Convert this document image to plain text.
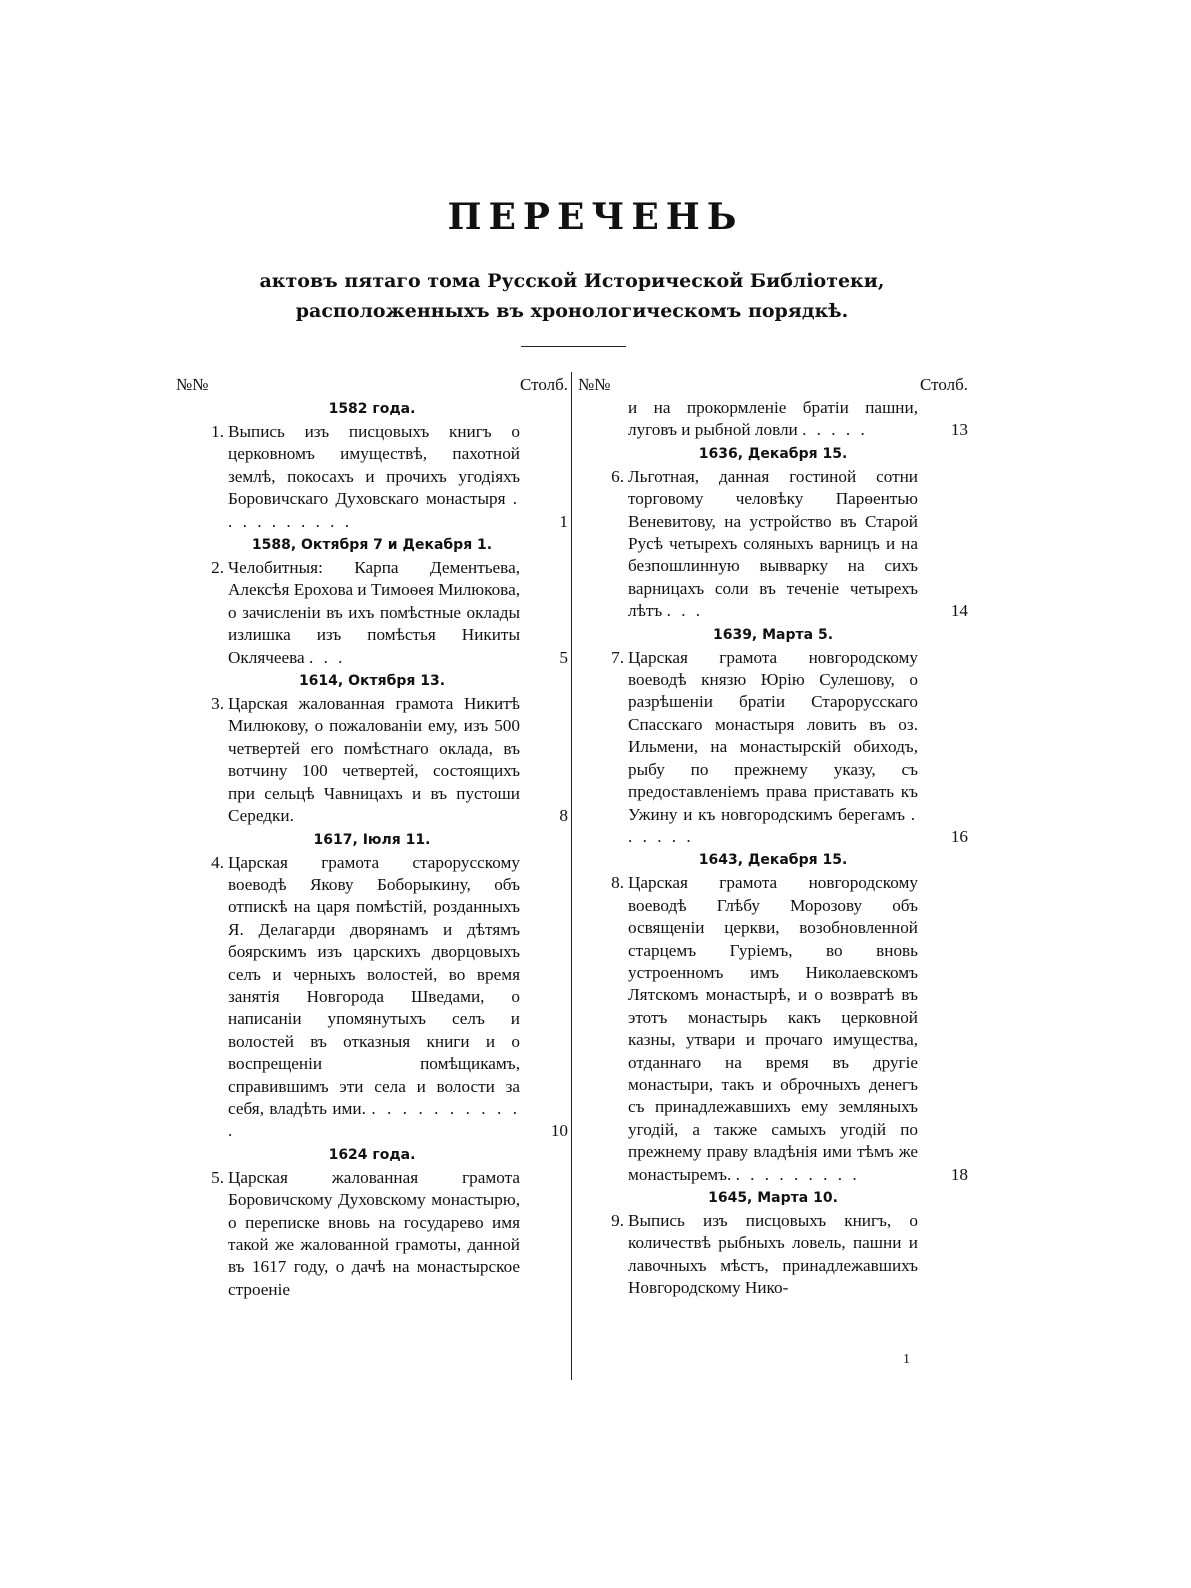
ПЕРЕЧЕНЬ

актовъ пятаго тома Русской Исторической Библіотеки, расположенныхъ въ хронологическомъ порядкѣ.

№№	Столб.
1582 года.
1. Выпись изъ писцовыхъ книгъ о церковномъ имуществѣ, пахотной землѣ, покосахъ и прочихъ угодіяхъ Боровичскаго Духовскаго монастыря . . . . . . . . . .	1
1588, Октября 7 и Декабря 1.
2. Челобитныя: Карпа Дементьева, Алексѣя Ерохова и Тимоѳея Милюкова, о зачисленіи въ ихъ помѣстные оклады излишка изъ помѣстья Никиты Оклячеева . . .	5
1614, Октября 13.
3. Царская жалованная грамота Никитѣ Милюкову, о пожалованіи ему, изъ 500 четвертей его помѣстнаго оклада, въ вотчину 100 четвертей, состоящихъ при сельцѣ Чавницахъ и въ пустоши Середки.	8
1617, Іюля 11.
4. Царская грамота старорусскому воеводѣ Якову Боборыкину, объ отпискѣ на царя помѣстій, розданныхъ Я. Делагарди дворянамъ и дѣтямъ боярскимъ изъ царскихъ дворцовыхъ селъ и черныхъ волостей, во время занятія Новгорода Шведами, о написаніи упомянутыхъ селъ и волостей въ отказныя книги и о воспрещеніи помѣщикамъ, справившимъ эти села и волости за себя, владѣть ими. . . . . . . . . . . .	10
1624 года.
5. Царская жалованная грамота Боровичскому Духовскому монастырю, о переписке вновь на государево имя такой же жалованной грамоты, данной въ 1617 году, о дачѣ на монастырское строеніе
№№	Столб.
и на прокормленіе братіи пашни, луговъ и рыбной ловли . . . . .	13
1636, Декабря 15.
6. Льготная, данная гостиной сотни торговому человѣку Парѳентью Веневитову, на устройство въ Старой Русѣ четырехъ соляныхъ варницъ и на безпошлинную вывварку на сихъ варницахъ соли въ теченіе четырехъ лѣтъ . . .	14
1639, Марта 5.
7. Царская грамота новгородскому воеводѣ князю Юрію Сулешову, о разрѣшеніи братіи Старорусскаго Спасскаго монастыря ловить въ оз. Ильмени, на монастырскій обиходъ, рыбу по прежнему указу, съ предоставленіемъ права приставать къ Ужину и къ новгородскимъ берегамъ . . . . . .	16
1643, Декабря 15.
8. Царская грамота новгородскому воеводѣ Глѣбу Морозову объ освященіи церкви, возобновленной старцемъ Гуріемъ, во вновь устроенномъ имъ Николаевскомъ Лятскомъ монастырѣ, и о возвратѣ въ этотъ монастырь какъ церковной казны, утвари и прочаго имущества, отданнаго на время въ другіе монастыри, такъ и оброчныхъ денегъ съ принадлежавшихъ ему земляныхъ угодій, а также самыхъ угодій по прежнему праву владѣнія ими тѣмъ же монастыремъ. . . . . . . . . .	18
1645, Марта 10.
9. Выпись изъ писцовыхъ книгъ, о количествѣ рыбныхъ ловель, пашни и лавочныхъ мѣстъ, принадлежавшихъ Новгородскому Нико-
1
